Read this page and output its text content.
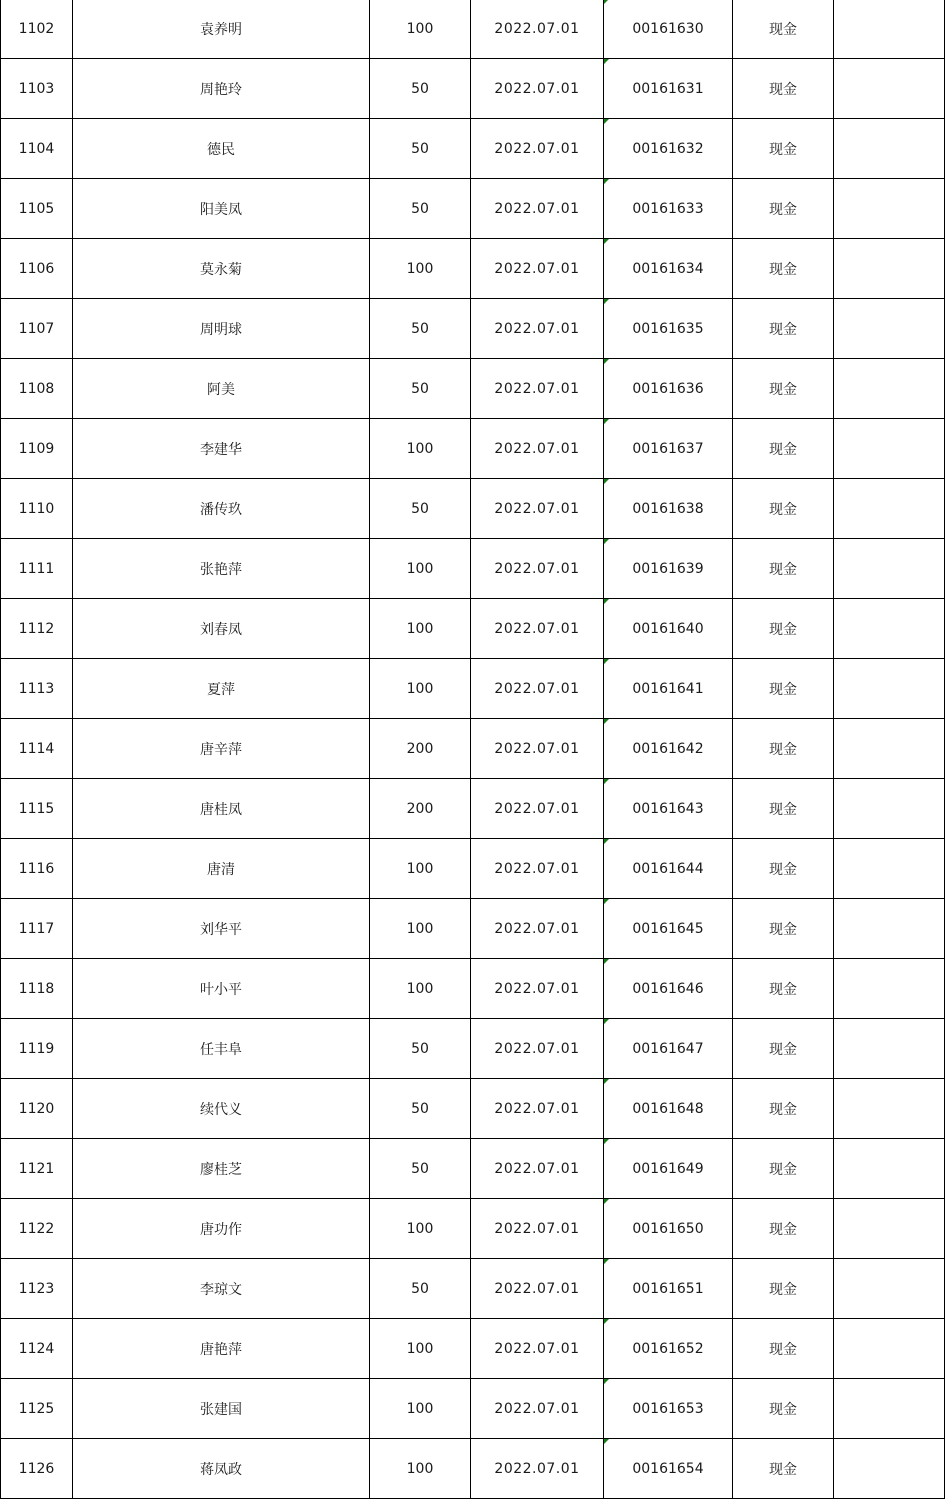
1102	袁养明	100	2022.07.01	00161630	现金	
1103	周艳玲	50	2022.07.01	00161631	现金	
1104	德民	50	2022.07.01	00161632	现金	
1105	阳美凤	50	2022.07.01	00161633	现金	
1106	莫永菊	100	2022.07.01	00161634	现金	
1107	周明球	50	2022.07.01	00161635	现金	
1108	阿美	50	2022.07.01	00161636	现金	
1109	李建华	100	2022.07.01	00161637	现金	
1110	潘传玖	50	2022.07.01	00161638	现金	
1111	张艳萍	100	2022.07.01	00161639	现金	
1112	刘春凤	100	2022.07.01	00161640	现金	
1113	夏萍	100	2022.07.01	00161641	现金	
1114	唐辛萍	200	2022.07.01	00161642	现金	
1115	唐桂凤	200	2022.07.01	00161643	现金	
1116	唐清	100	2022.07.01	00161644	现金	
1117	刘华平	100	2022.07.01	00161645	现金	
1118	叶小平	100	2022.07.01	00161646	现金	
1119	任丰阜	50	2022.07.01	00161647	现金	
1120	续代义	50	2022.07.01	00161648	现金	
1121	廖桂芝	50	2022.07.01	00161649	现金	
1122	唐功作	100	2022.07.01	00161650	现金	
1123	李琼文	50	2022.07.01	00161651	现金	
1124	唐艳萍	100	2022.07.01	00161652	现金	
1125	张建国	100	2022.07.01	00161653	现金	
1126	蒋凤政	100	2022.07.01	00161654	现金	
